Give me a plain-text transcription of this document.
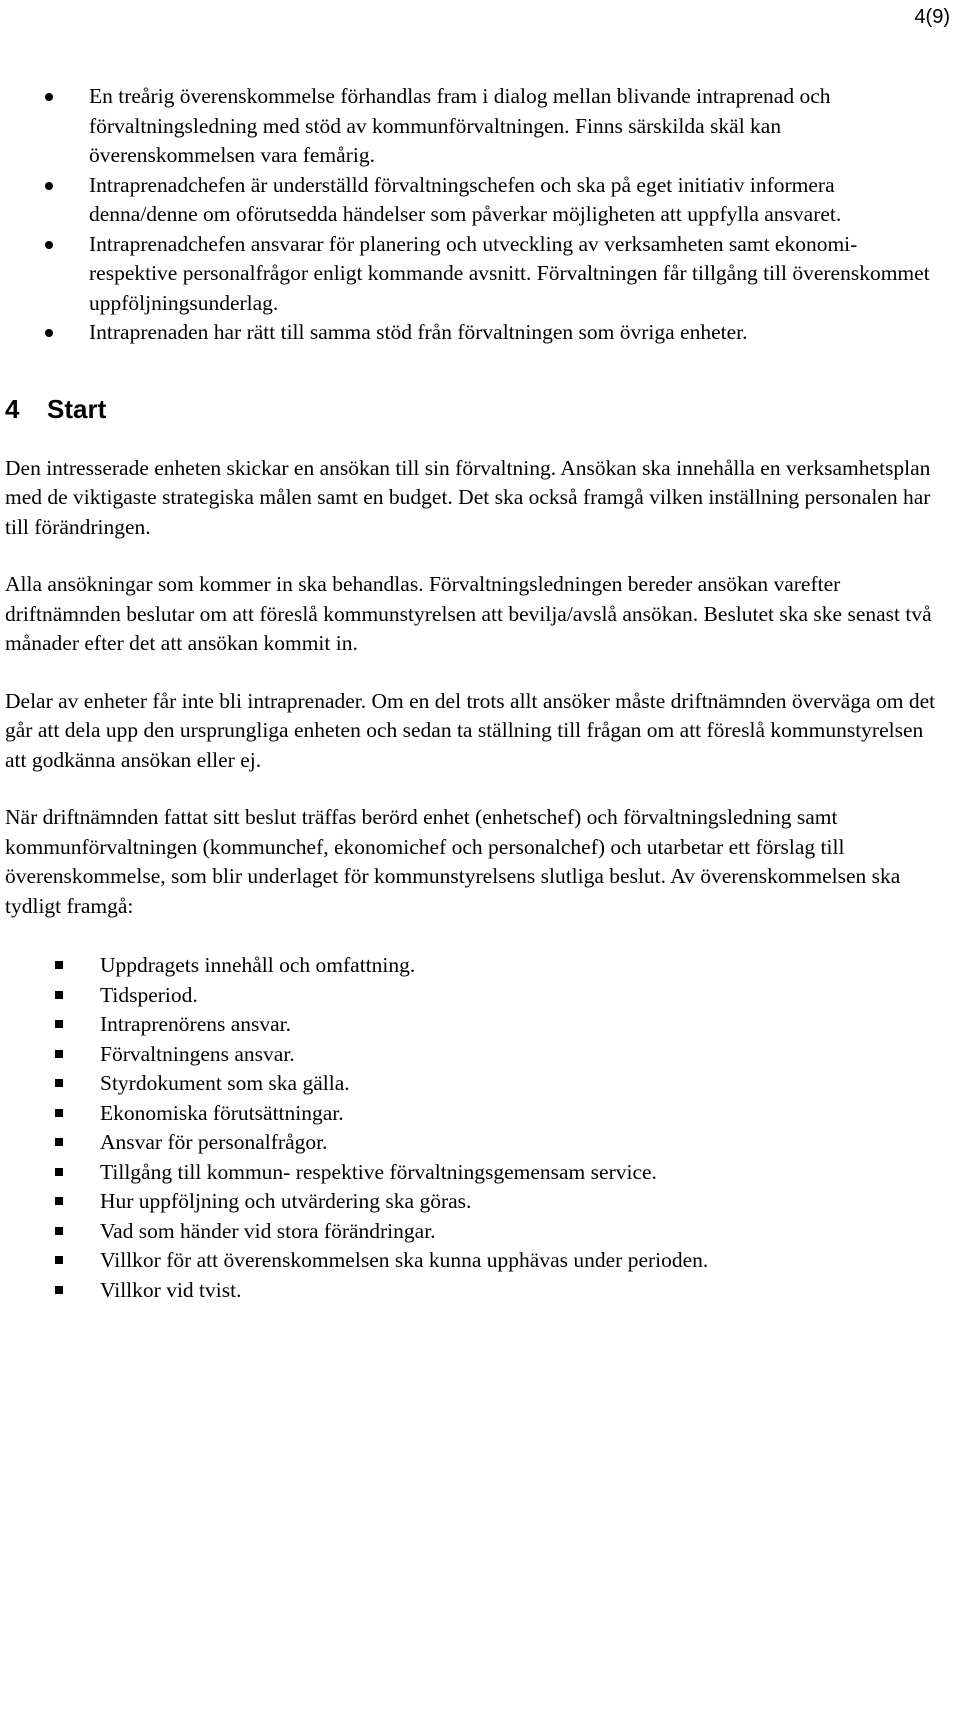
4(9)
En treårig överenskommelse förhandlas fram i dialog mellan blivande intraprenad och förvaltningsledning med stöd av kommunförvaltningen. Finns särskilda skäl kan överenskommelsen vara femårig.
Intraprenadchefen är underställd förvaltningschefen och ska på eget initiativ informera denna/denne om oförutsedda händelser som påverkar möjligheten att uppfylla ansvaret.
Intraprenadchefen ansvarar för planering och utveckling av verksamheten samt ekonomi- respektive personalfrågor enligt kommande avsnitt. Förvaltningen får tillgång till överenskommet uppföljningsunderlag.
Intraprenaden har rätt till samma stöd från förvaltningen som övriga enheter.
4 Start

Den intresserade enheten skickar en ansökan till sin förvaltning. Ansökan ska innehålla en verksamhetsplan med de viktigaste strategiska målen samt en budget. Det ska också framgå vilken inställning personalen har till förändringen.

Alla ansökningar som kommer in ska behandlas. Förvaltningsledningen bereder ansökan varefter driftnämnden beslutar om att föreslå kommunstyrelsen att bevilja/avslå ansökan. Beslutet ska ske senast två månader efter det att ansökan kommit in.

Delar av enheter får inte bli intraprenader. Om en del trots allt ansöker måste driftnämnden överväga om det går att dela upp den ursprungliga enheten och sedan ta ställning till frågan om att föreslå kommunstyrelsen att godkänna ansökan eller ej.

När driftnämnden fattat sitt beslut träffas berörd enhet (enhetschef) och förvaltningsledning samt kommunförvaltningen (kommunchef, ekonomichef och personalchef) och utarbetar ett förslag till överenskommelse, som blir underlaget för kommunstyrelsens slutliga beslut. Av överenskommelsen ska tydligt framgå:

Uppdragets innehåll och omfattning.
Tidsperiod.
Intraprenörens ansvar.
Förvaltningens ansvar.
Styrdokument som ska gälla.
Ekonomiska förutsättningar.
Ansvar för personalfrågor.
Tillgång till kommun- respektive förvaltningsgemensam service.
Hur uppföljning och utvärdering ska göras.
Vad som händer vid stora förändringar.
Villkor för att överenskommelsen ska kunna upphävas under perioden.
Villkor vid tvist.
